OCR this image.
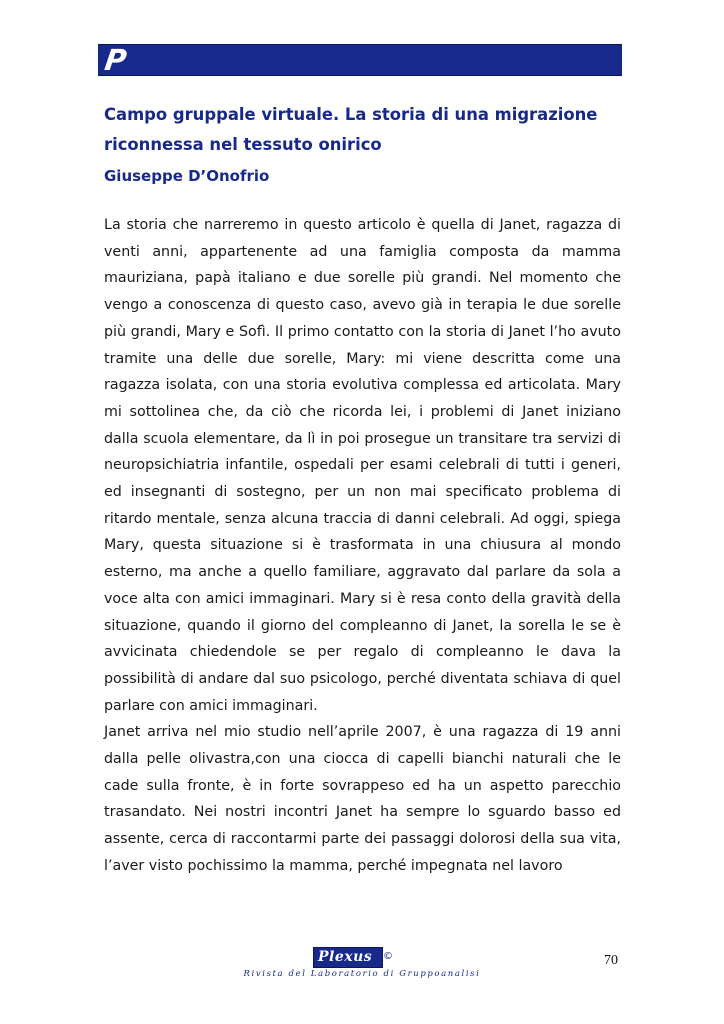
P
Campo gruppale virtuale. La storia di una migrazione riconnessa nel tessuto onirico
Giuseppe D’Onofrio

La storia che narreremo in questo articolo è quella di Janet, ragazza di venti anni, appartenente ad una famiglia composta da mamma mauriziana, papà italiano e due sorelle più grandi. Nel momento che vengo a conoscenza di questo caso, avevo già in terapia le due sorelle più grandi, Mary e Sofì. Il primo contatto con la storia di Janet l’ho avuto tramite una delle due sorelle, Mary: mi viene descritta come una ragazza isolata, con una storia evolutiva complessa ed articolata. Mary mi sottolinea che, da ciò che ricorda lei, i problemi di Janet iniziano dalla scuola elementare, da lì in poi prosegue un transitare tra servizi di neuropsichiatria infantile, ospedali per esami celebrali di tutti i generi, ed insegnanti di sostegno, per un non mai specificato problema di ritardo mentale, senza alcuna traccia di danni celebrali. Ad oggi, spiega Mary, questa situazione si è trasformata in una chiusura al mondo esterno, ma anche a quello familiare, aggravato dal parlare da sola a voce alta con amici immaginari. Mary si è resa conto della gravità della situazione, quando il giorno del compleanno di Janet, la sorella le se è avvicinata chiedendole se per regalo di compleanno le dava la possibilità di andare dal suo psicologo, perché diventata schiava di quel parlare con amici immaginari.

Janet arriva nel mio studio nell’aprile 2007, è una ragazza di 19 anni dalla pelle olivastra,con una ciocca di capelli bianchi naturali che le cade sulla fronte, è in forte sovrappeso ed ha un aspetto parecchio trasandato. Nei nostri incontri Janet ha sempre lo sguardo basso ed assente, cerca di raccontarmi parte dei passaggi dolorosi della sua vita, l’aver visto pochissimo la mamma, perché impegnata nel lavoro

Plexus ©
Rivista del Laboratorio di Gruppoanalisi
70
